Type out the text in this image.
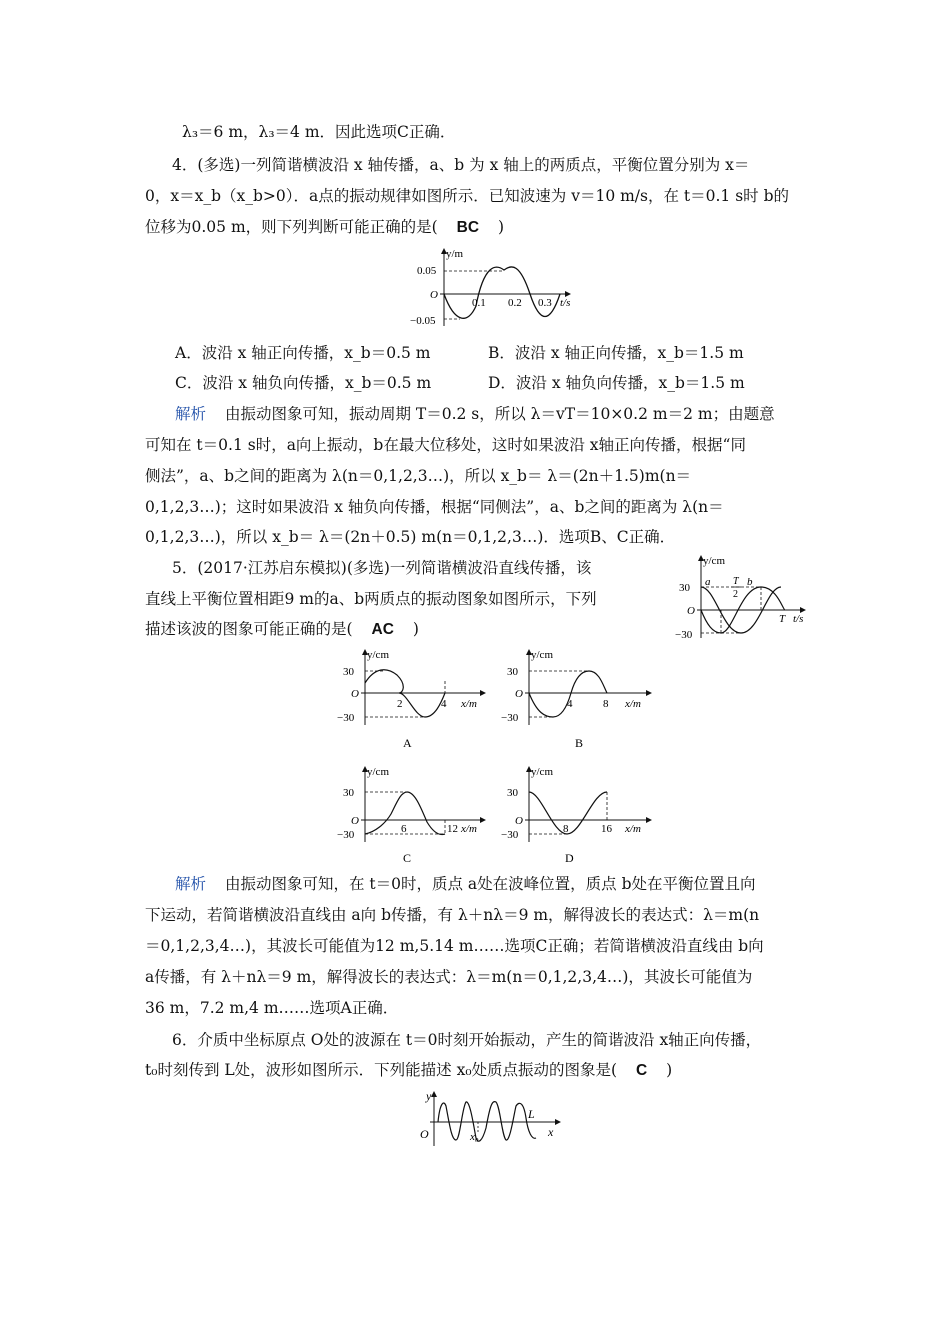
λ₃＝6 m，λ₃＝4 m．因此选项C正确．
4．(多选)一列简谐横波沿 x 轴传播，a、b 为 x 轴上的两质点，平衡位置分别为 x＝
0，x＝x_b（x_b>0）．a点的振动规律如图所示．已知波速为 v＝10 m/s，在 t＝0.1 s时 b的
位移为0.05 m，则下列判断可能正确的是( BC )
y/m
0.05
O
−0.05
0.1 0.2 0.3 t/s
A．波沿 x 轴正向传播，x_b＝0.5 m	B．波沿 x 轴正向传播，x_b＝1.5 m
C．波沿 x 轴负向传播，x_b＝0.5 m	D．波沿 x 轴负向传播，x_b＝1.5 m
解析 由振动图象可知，振动周期 T＝0.2 s，所以 λ＝vT＝10×0.2 m＝2 m；由题意
可知在 t＝0.1 s时，a向上振动，b在最大位移处，这时如果波沿 x轴正向传播，根据“同
侧法”，a、b之间的距离为 λ(n＝0,1,2,3…)，所以 x_b＝ λ＝(2n＋1.5)m(n＝
0,1,2,3…)；这时如果波沿 x 轴负向传播，根据“同侧法”，a、b之间的距离为 λ(n＝
0,1,2,3…)，所以 x_b＝ λ＝(2n＋0.5) m(n＝0,1,2,3…)．选项B、C正确．
5．(2017·江苏启东模拟)(多选)一列简谐横波沿直线传播，该
直线上平衡位置相距9 m的a、b两质点的振动图象如图所示，下列
描述该波的图象可能正确的是( AC )
y/cm
30
O
−30
a	b
T
2
T t/s
y/cm
30
O
−30
2	4 x/m
A
y/cm
30
O
−30
4	8 x/m
B
y/cm
30
O
−30	6	12 x/m
C
y/cm
30
O
−30	8	16 x/m
D
解析 由振动图象可知，在 t＝0时，质点 a处在波峰位置，质点 b处在平衡位置且向
下运动，若简谐横波沿直线由 a向 b传播，有 λ＋nλ＝9 m，解得波长的表达式：λ＝m(n
＝0,1,2,3,4…)，其波长可能值为12 m,5.14 m……选项C正确；若简谐横波沿直线由 b向
a传播，有 λ＋nλ＝9 m，解得波长的表达式：λ＝m(n＝0,1,2,3,4…)，其波长可能值为
36 m，7.2 m,4 m……选项A正确．
6．介质中坐标原点 O处的波源在 t＝0时刻开始振动，产生的简谐波沿 x轴正向传播，
t₀时刻传到 L处，波形如图所示．下列能描述 x₀处质点振动的图象是( C )
y
O	x₀
L
x
